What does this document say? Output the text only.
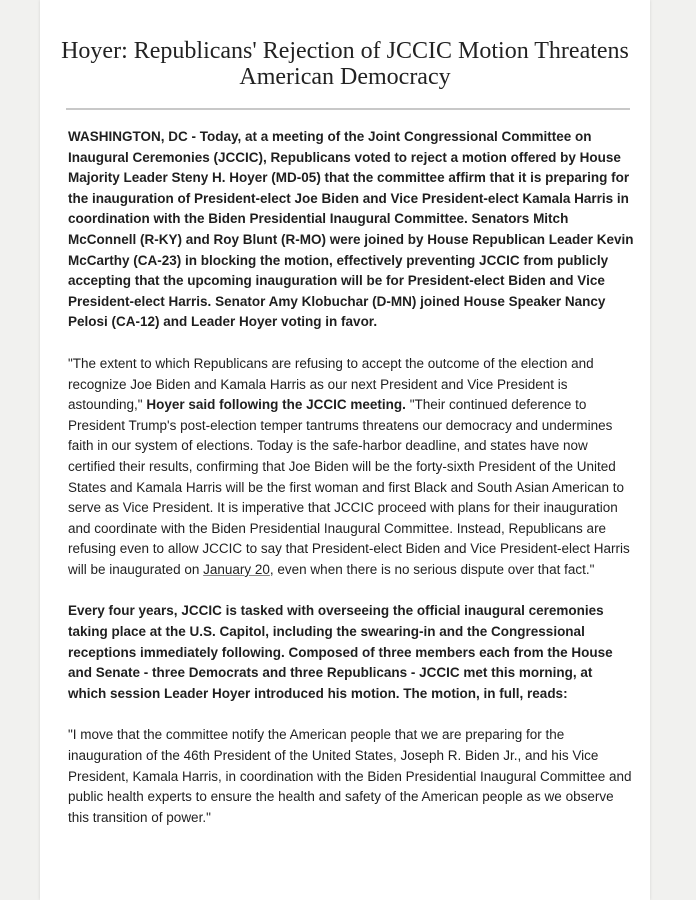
Hoyer: Republicans' Rejection of JCCIC Motion Threatens American Democracy

WASHINGTON, DC - Today, at a meeting of the Joint Congressional Committee on Inaugural Ceremonies (JCCIC), Republicans voted to reject a motion offered by House Majority Leader Steny H. Hoyer (MD-05) that the committee affirm that it is preparing for the inauguration of President-elect Joe Biden and Vice President-elect Kamala Harris in coordination with the Biden Presidential Inaugural Committee. Senators Mitch McConnell (R-KY) and Roy Blunt (R-MO) were joined by House Republican Leader Kevin McCarthy (CA-23) in blocking the motion, effectively preventing JCCIC from publicly accepting that the upcoming inauguration will be for President-elect Biden and Vice President-elect Harris. Senator Amy Klobuchar (D-MN) joined House Speaker Nancy Pelosi (CA-12) and Leader Hoyer voting in favor.

"The extent to which Republicans are refusing to accept the outcome of the election and recognize Joe Biden and Kamala Harris as our next President and Vice President is astounding," Hoyer said following the JCCIC meeting. "Their continued deference to President Trump's post-election temper tantrums threatens our democracy and undermines faith in our system of elections. Today is the safe-harbor deadline, and states have now certified their results, confirming that Joe Biden will be the forty-sixth President of the United States and Kamala Harris will be the first woman and first Black and South Asian American to serve as Vice President. It is imperative that JCCIC proceed with plans for their inauguration and coordinate with the Biden Presidential Inaugural Committee. Instead, Republicans are refusing even to allow JCCIC to say that President-elect Biden and Vice President-elect Harris will be inaugurated on January 20, even when there is no serious dispute over that fact."

Every four years, JCCIC is tasked with overseeing the official inaugural ceremonies taking place at the U.S. Capitol, including the swearing-in and the Congressional receptions immediately following. Composed of three members each from the House and Senate - three Democrats and three Republicans - JCCIC met this morning, at which session Leader Hoyer introduced his motion. The motion, in full, reads:

"I move that the committee notify the American people that we are preparing for the inauguration of the 46th President of the United States, Joseph R. Biden Jr., and his Vice President, Kamala Harris, in coordination with the Biden Presidential Inaugural Committee and public health experts to ensure the health and safety of the American people as we observe this transition of power."
